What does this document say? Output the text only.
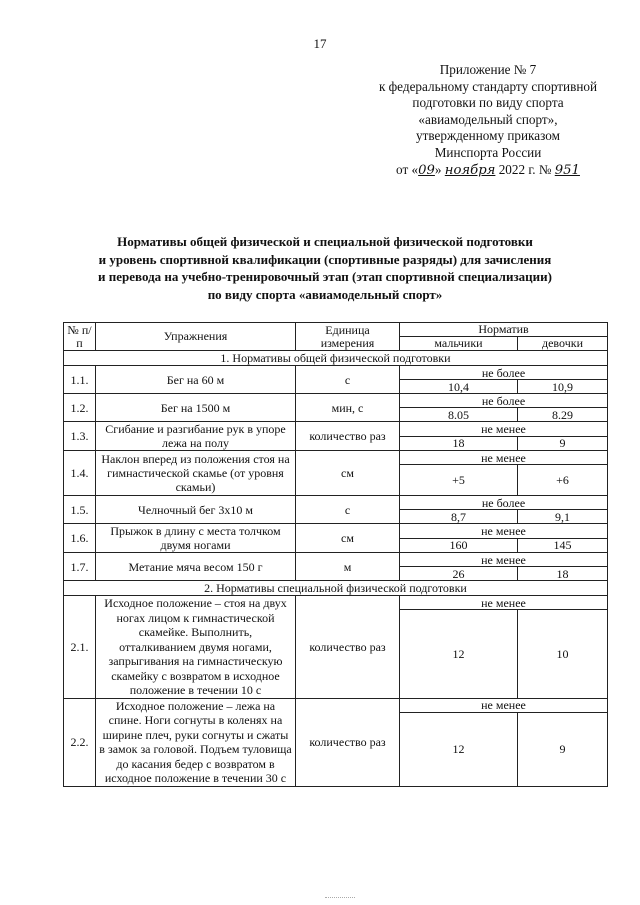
17
Приложение № 7
к федеральному стандарту спортивной
подготовки по виду спорта
«авиамодельный спорт»,
утвержденному приказом
Минспорта России
от «09» ноября 2022 г. № 951
Нормативы общей физической и специальной физической подготовки
и уровень спортивной квалификации (спортивные разряды) для зачисления
и перевода на учебно-тренировочный этап (этап спортивной специализации)
по виду спорта «авиамодельный спорт»
№ п/п	Упражнения	Единица измерения	Норматив	
			мальчики	девочки
1. Нормативы общей физической подготовки				
1.1.	Бег на 60 м	с	не более	
			10,4	10,9
1.2.	Бег на 1500 м	мин, с	не более	
			8.05	8.29
1.3.	Сгибание и разгибание рук в упоре лежа на полу	количество раз	не менее	
			18	9
1.4.	Наклон вперед из положения стоя на гимнастической скамье (от уровня скамьи)	см	не менее	
			+5	+6
1.5.	Челночный бег 3x10 м	с	не более	
			8,7	9,1
1.6.	Прыжок в длину с места толчком двумя ногами	см	не менее	
			160	145
1.7.	Метание мяча весом 150 г	м	не менее	
			26	18
2. Нормативы специальной физической подготовки				
2.1.	Исходное положение – стоя на двух ногах лицом к гимнастической скамейке. Выполнить, отталкиванием двумя ногами, запрыгивания на гимнастическую скамейку с возвратом в исходное положение в течении 10 с	количество раз	не менее	
			12	10
2.2.	Исходное положение – лежа на спине. Ноги согнуты в коленях на ширине плеч, руки согнуты и сжаты в замок за головой. Подъем туловища до касания бедер с возвратом в исходное положение в течении 30 с	количество раз	не менее	
			12	9
